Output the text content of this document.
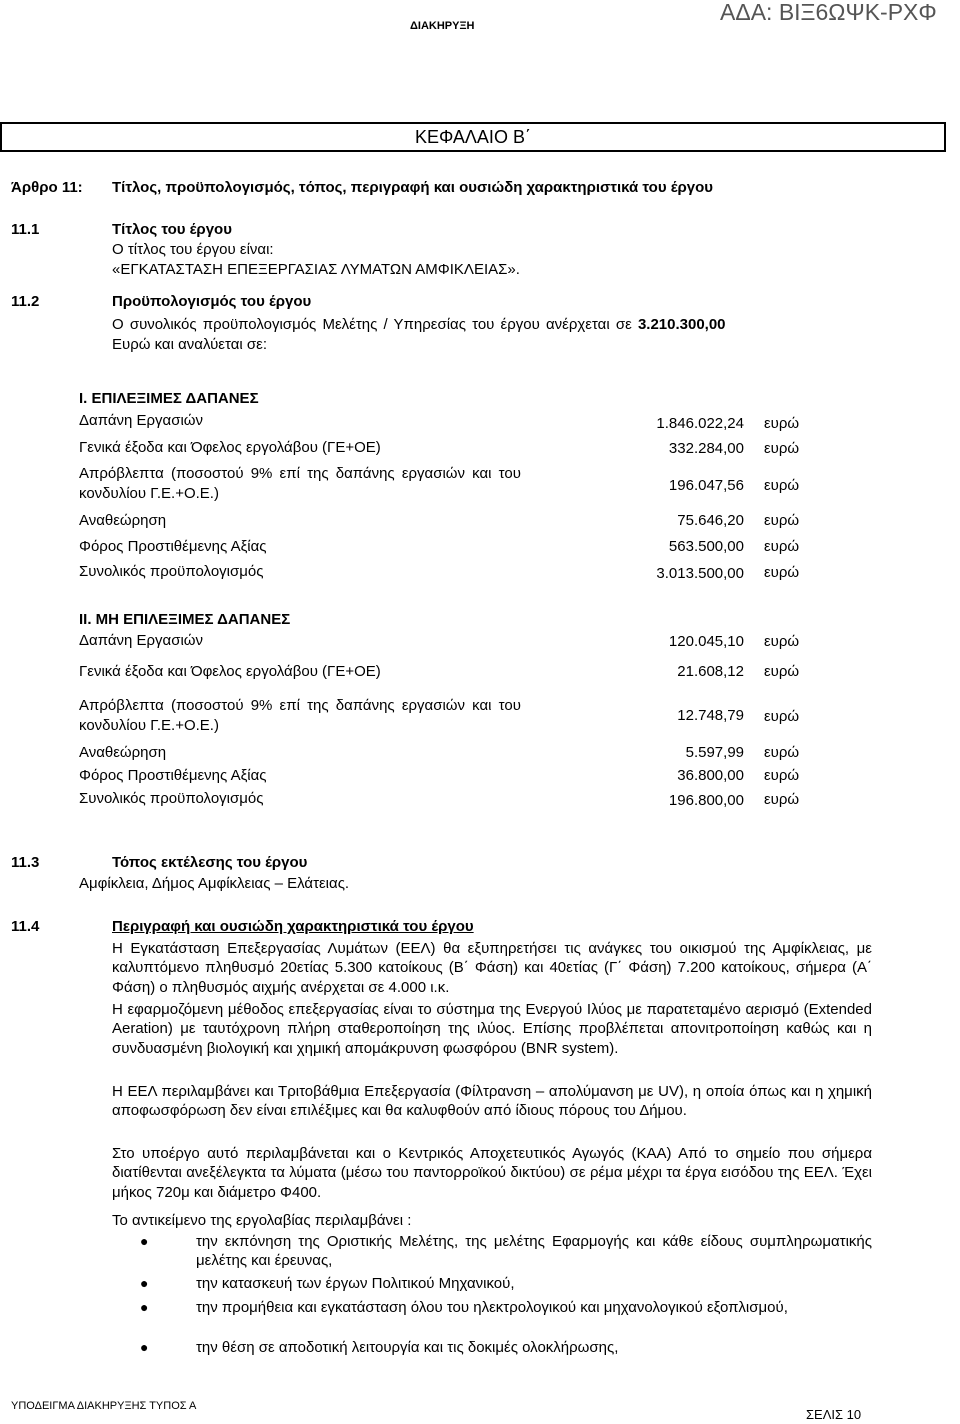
ΔΙΑΚΗΡΥΞΗ
ΑΔΑ: ΒΙΞ6ΩΨΚ-ΡΧΦ
ΚΕΦΑΛΑΙΟ Β΄
Άρθρο 11: Τίτλος, προϋπολογισμός, τόπος, περιγραφή και ουσιώδη χαρακτηριστικά του έργου
11.1	Τίτλος του έργου
Ο τίτλος του έργου είναι:
«ΕΓΚΑΤΑΣΤΑΣΗ ΕΠΕΞΕΡΓΑΣΙΑΣ ΛΥΜΑΤΩΝ ΑΜΦΙΚΛΕΙΑΣ».
11.2	Προϋπολογισμός του έργου
Ο συνολικός προϋπολογισμός Μελέτης / Υπηρεσίας του έργου ανέρχεται σε 3.210.300,00
Ευρώ και αναλύεται σε:
Ι. ΕΠΙΛΕΞΙΜΕΣ ΔΑΠΑΝΕΣ
Δαπάνη Εργασιών	1.846.022,24 ευρώ
Γενικά έξοδα και Όφελος εργολάβου (ΓΕ+ΟΕ)	332.284,00 ευρώ
Απρόβλεπτα (ποσοστού 9% επί της δαπάνης εργασιών και του
κονδυλίου Γ.Ε.+Ο.Ε.)	196.047,56 ευρώ
Αναθεώρηση	75.646,20 ευρώ
Φόρος Προστιθέμενης Αξίας	563.500,00 ευρώ
Συνολικός προϋπολογισμός	3.013.500,00 ευρώ
ΙΙ. ΜΗ ΕΠΙΛΕΞΙΜΕΣ ΔΑΠΑΝΕΣ
Δαπάνη Εργασιών	120.045,10 ευρώ
Γενικά έξοδα και Όφελος εργολάβου (ΓΕ+ΟΕ)	21.608,12 ευρώ
Απρόβλεπτα (ποσοστού 9% επί της δαπάνης εργασιών και του
κονδυλίου Γ.Ε.+Ο.Ε.)
12.748,79 ευρώ
Αναθεώρηση	5.597,99 ευρώ
Φόρος Προστιθέμενης Αξίας	36.800,00 ευρώ
Συνολικός προϋπολογισμός	196.800,00 ευρώ
11.3	Τόπος εκτέλεσης του έργου
Αμφίκλεια, Δήμος Αμφίκλειας – Ελάτειας.
11.4	Περιγραφή και ουσιώδη χαρακτηριστικά του έργου
Η Εγκατάσταση Επεξεργασίας Λυμάτων (ΕΕΛ) θα εξυπηρετήσει τις ανάγκες του οικισμού της Αμφίκλειας, με καλυπτόμενο πληθυσμό 20ετίας 5.300 κατοίκους (Β΄ Φάση) και 40ετίας (Γ΄ Φάση) 7.200 κατοίκους, σήμερα (Α΄ Φάση) ο πληθυσμός αιχμής ανέρχεται σε 4.000 ι.κ.
Η εφαρμοζόμενη μέθοδος επεξεργασίας είναι το σύστημα της Ενεργού Ιλύος με παρατεταμένο αερισμό (Extended Aeration) με ταυτόχρονη πλήρη σταθεροποίηση της ιλύος. Επίσης προβλέπεται απονιτροποίηση καθώς και η συνδυασμένη βιολογική και χημική απομάκρυνση φωσφόρου (BNR system).
Η ΕΕΛ περιλαμβάνει και Τριτοβάθμια Επεξεργασία (Φίλτρανση – απολύμανση με UV), η οποία όπως και η χημική αποφωσφόρωση δεν είναι επιλέξιμες και θα καλυφθούν από ίδιους πόρους του Δήμου.
Στο υποέργο αυτό περιλαμβάνεται και ο Κεντρικός Αποχετευτικός Αγωγός (ΚΑΑ) Από το σημείο που σήμερα διατίθενται ανεξέλεγκτα τα λύματα (μέσω του παντορροϊκού δικτύου) σε ρέμα μέχρι τα έργα εισόδου της ΕΕΛ. Έχει μήκος 720μ και διάμετρο Φ400.
Το αντικείμενο της εργολαβίας περιλαμβάνει :
●	την εκπόνηση της Οριστικής Μελέτης, της μελέτης Εφαρμογής και κάθε είδους συμπληρωματικής μελέτης και έρευνας,
●	την κατασκευή των έργων Πολιτικού Μηχανικού,
●	την προμήθεια και εγκατάσταση όλου του ηλεκτρολογικού και μηχανολογικού εξοπλισμού,
●	την θέση σε αποδοτική λειτουργία και τις δοκιμές ολοκλήρωσης,
ΥΠΟΔΕΙΓΜΑ ΔΙΑΚΗΡΥΞΗΣ ΤΥΠΟΣ Α
ΣΕΛΙΣ 10
